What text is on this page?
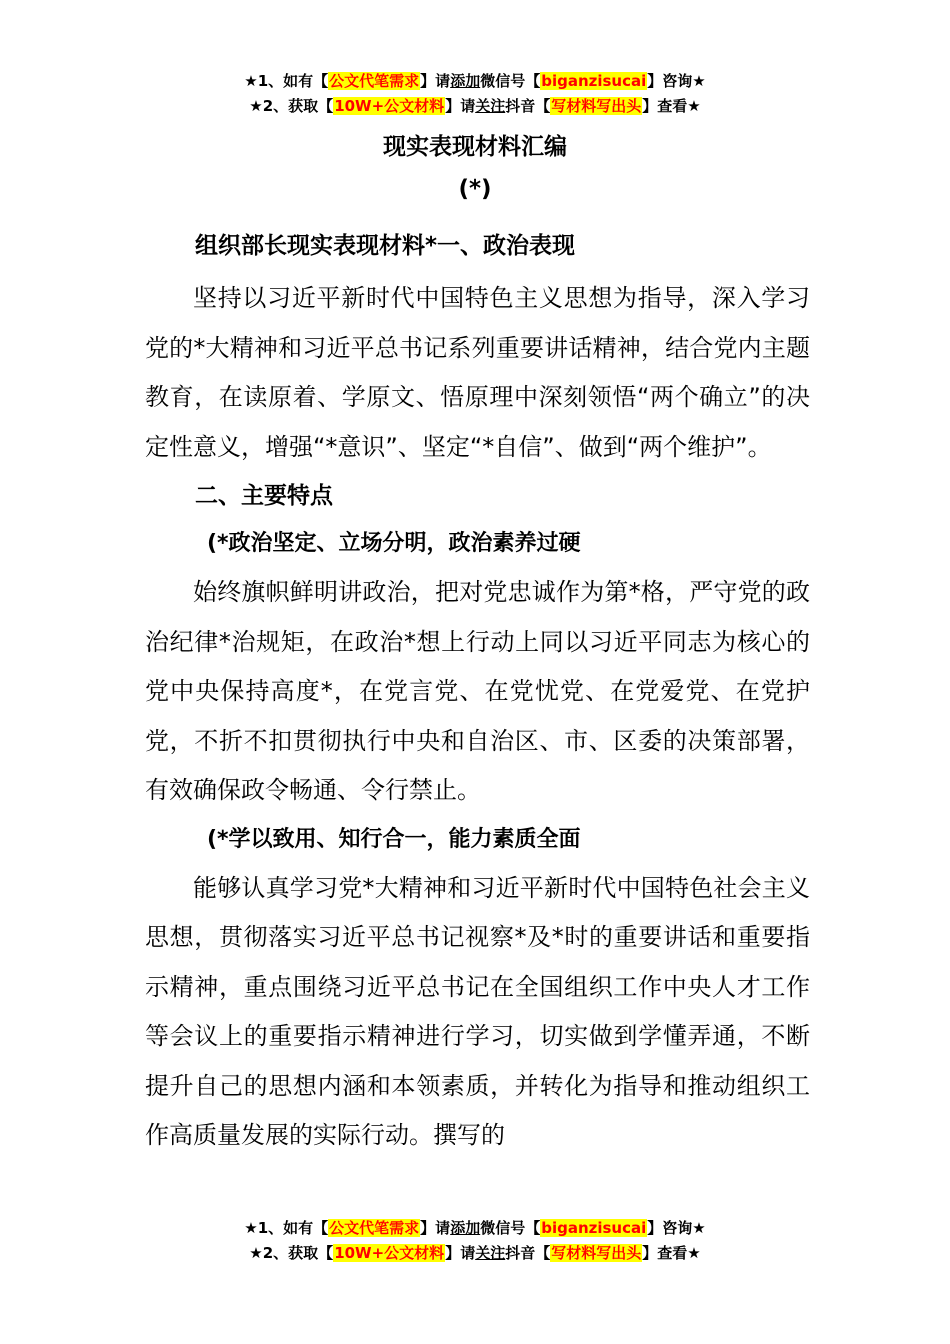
★1、如有【公文代笔需求】请添加微信号【biganzisucai】咨询★
★2、获取【10W+公文材料】请关注抖音【写材料写出头】查看★
现实表现材料汇编
(*)
组织部长现实表现材料*一、政治表现

坚持以习近平新时代中国特色主义思想为指导，深入学习党的*大精神和习近平总书记系列重要讲话精神，结合党内主题教育，在读原着、学原文、悟原理中深刻领悟“两个确立”的决定性意义，增强“*意识”、坚定“*自信”、做到“两个维护”。

二、主要特点
(*政治坚定、立场分明，政治素养过硬

始终旗帜鲜明讲政治，把对党忠诚作为第*格，严守党的政治纪律*治规矩，在政治*想上行动上同以习近平同志为核心的党中央保持高度*，在党言党、在党忧党、在党爱党、在党护党，不折不扣贯彻执行中央和自治区、市、区委的决策部署，有效确保政令畅通、令行禁止。

(*学以致用、知行合一，能力素质全面

能够认真学习党*大精神和习近平新时代中国特色社会主义思想，贯彻落实习近平总书记视察*及*时的重要讲话和重要指示精神，重点围绕习近平总书记在全国组织工作中央人才工作等会议上的重要指示精神进行学习，切实做到学懂弄通，不断提升自己的思想内涵和本领素质，并转化为指导和推动组织工作高质量发展的实际行动。撰写的

★1、如有【公文代笔需求】请添加微信号【biganzisucai】咨询★
★2、获取【10W+公文材料】请关注抖音【写材料写出头】查看★
